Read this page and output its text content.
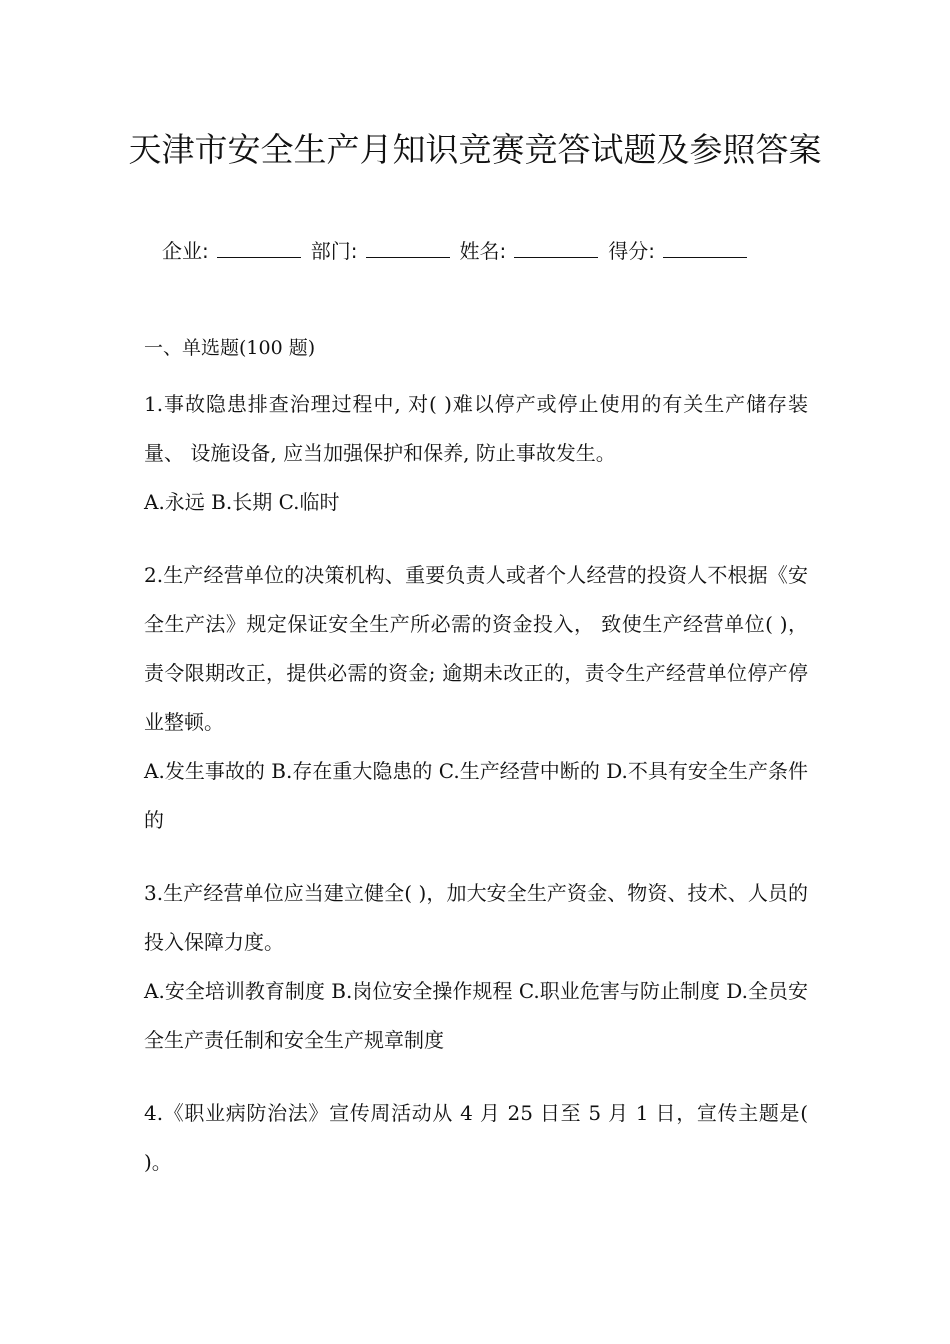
天津市安全生产月知识竞赛竞答试题及参照答案
企业:	部门:	姓名:	得分:

一、单选题(100 题)

1.事故隐患排查治理过程中, 对( )难以停产或停止使用的有关生产储存装量、 设施设备, 应当加强保护和保养, 防止事故发生。

A.永远 B.长期 C.临时

2.生产经营单位的决策机构、重要负责人或者个人经营的投资人不根据《安全生产法》规定保证安全生产所必需的资金投入， 致使生产经营单位( )，责令限期改正，提供必需的资金; 逾期未改正的，责令生产经营单位停产停业整顿。

A.发生事故的 B.存在重大隐患的 C.生产经营中断的 D.不具有安全生产条件的

3.生产经营单位应当建立健全( )，加大安全生产资金、物资、技术、人员的投入保障力度。

A.安全培训教育制度 B.岗位安全操作规程 C.职业危害与防止制度 D.全员安全生产责任制和安全生产规章制度

4.《职业病防治法》宣传周活动从 4 月 25 日至 5 月 1 日，宣传主题是( )。
